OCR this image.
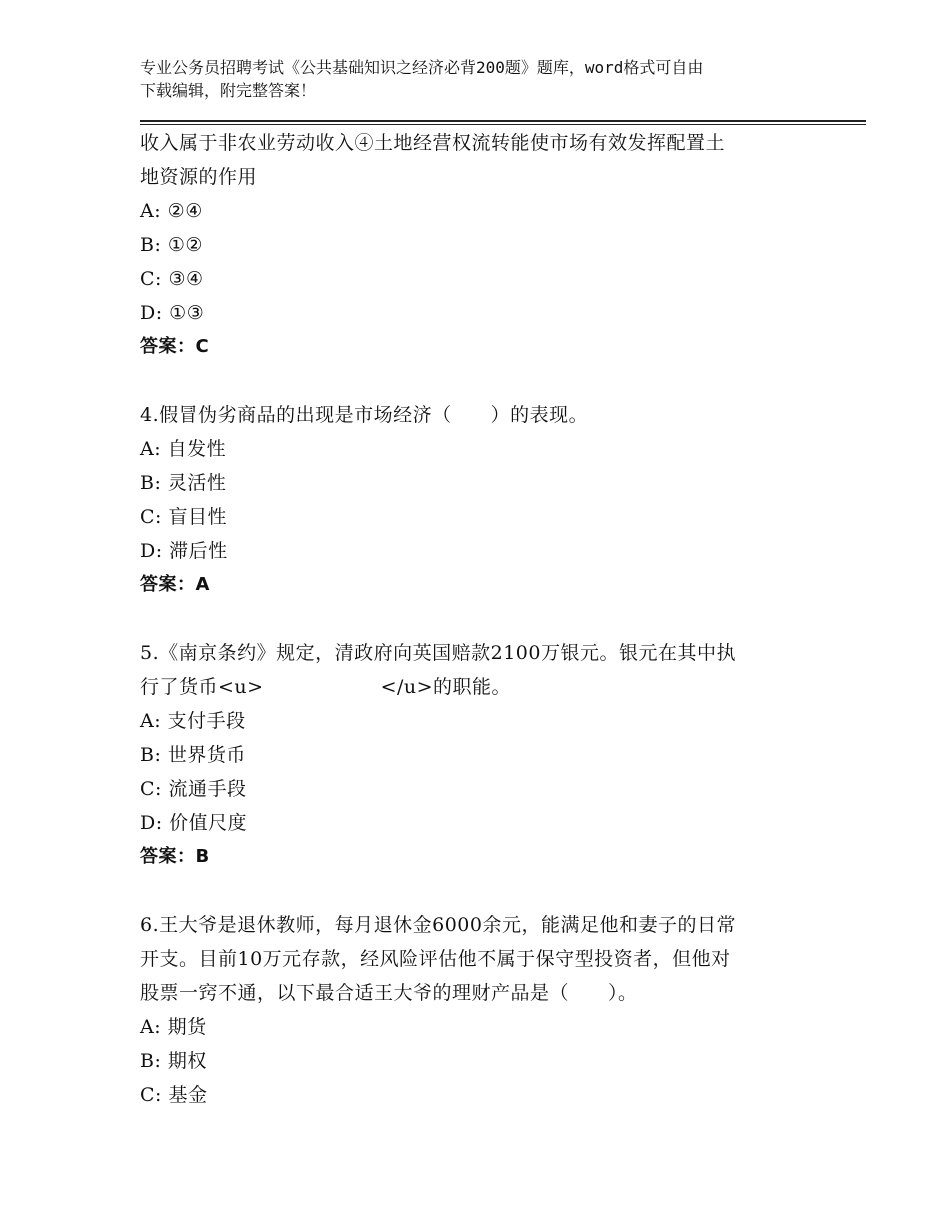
专业公务员招聘考试《公共基础知识之经济必背200题》题库，word格式可自由
下载编辑，附完整答案！
收入属于非农业劳动收入④土地经营权流转能使市场有效发挥配置土
地资源的作用
A: ②④
B: ①②
C: ③④
D: ①③
答案：C
4.假冒伪劣商品的出现是市场经济（　　）的表现。
A: 自发性
B: 灵活性
C: 盲目性
D: 滞后性
答案：A
5.《南京条约》规定，清政府向英国赔款2100万银元。银元在其中执
行了货币<u>　　　　　　</u>的职能。
A: 支付手段
B: 世界货币
C: 流通手段
D: 价值尺度
答案：B
6.王大爷是退休教师，每月退休金6000余元，能满足他和妻子的日常
开支。目前10万元存款，经风险评估他不属于保守型投资者，但他对
股票一窍不通，以下最合适王大爷的理财产品是（　　）。
A: 期货
B: 期权
C: 基金
